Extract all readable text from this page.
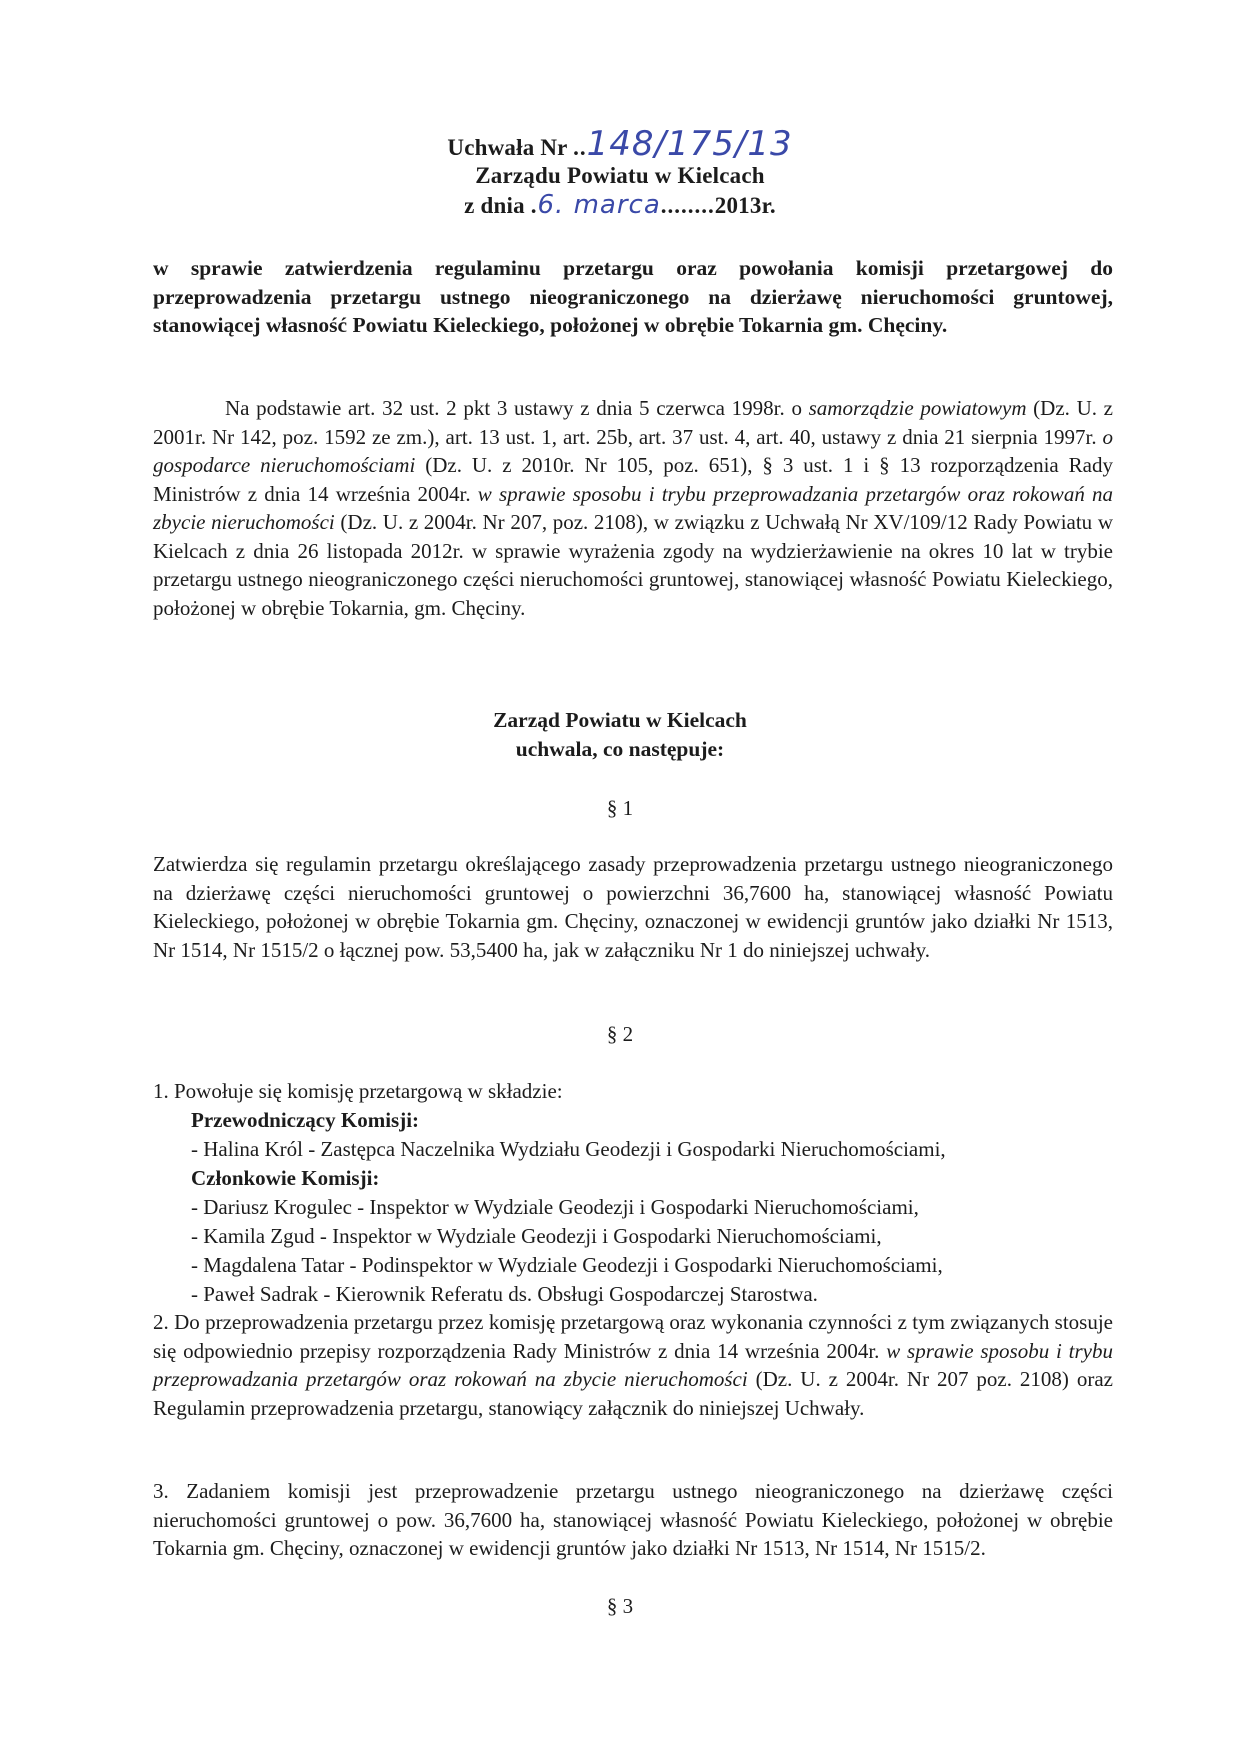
Uchwała Nr ..148/175/13
Zarządu Powiatu w Kielcach
z dnia .6. marca........2013r.
w sprawie zatwierdzenia regulaminu przetargu oraz powołania komisji przetargowej do przeprowadzenia przetargu ustnego nieograniczonego na dzierżawę nieruchomości gruntowej, stanowiącej własność Powiatu Kieleckiego, położonej w obrębie Tokarnia gm. Chęciny.
Na podstawie art. 32 ust. 2 pkt 3 ustawy z dnia 5 czerwca 1998r. o samorządzie powiatowym (Dz. U. z 2001r. Nr 142, poz. 1592 ze zm.), art. 13 ust. 1, art. 25b, art. 37 ust. 4, art. 40, ustawy z dnia 21 sierpnia 1997r. o gospodarce nieruchomościami (Dz. U. z 2010r. Nr 105, poz. 651), § 3 ust. 1 i § 13 rozporządzenia Rady Ministrów z dnia 14 września 2004r. w sprawie sposobu i trybu przeprowadzania przetargów oraz rokowań na zbycie nieruchomości (Dz. U. z 2004r. Nr 207, poz. 2108), w związku z Uchwałą Nr XV/109/12 Rady Powiatu w Kielcach z dnia 26 listopada 2012r. w sprawie wyrażenia zgody na wydzierżawienie na okres 10 lat w trybie przetargu ustnego nieograniczonego części nieruchomości gruntowej, stanowiącej własność Powiatu Kieleckiego, położonej w obrębie Tokarnia, gm. Chęciny.
Zarząd Powiatu w Kielcach
uchwala, co następuje:
§ 1
Zatwierdza się regulamin przetargu określającego zasady przeprowadzenia przetargu ustnego nieograniczonego na dzierżawę części nieruchomości gruntowej o powierzchni 36,7600 ha, stanowiącej własność Powiatu Kieleckiego, położonej w obrębie Tokarnia gm. Chęciny, oznaczonej w ewidencji gruntów jako działki Nr 1513, Nr 1514, Nr 1515/2 o łącznej pow. 53,5400 ha, jak w załączniku Nr 1 do niniejszej uchwały.
§ 2
1. Powołuje się komisję przetargową w składzie:
Przewodniczący Komisji:
- Halina Król - Zastępca Naczelnika Wydziału Geodezji i Gospodarki Nieruchomościami,
Członkowie Komisji:
- Dariusz Krogulec - Inspektor w Wydziale Geodezji i Gospodarki Nieruchomościami,
- Kamila Zgud - Inspektor w Wydziale Geodezji i Gospodarki Nieruchomościami,
- Magdalena Tatar - Podinspektor w Wydziale Geodezji i Gospodarki Nieruchomościami,
- Paweł Sadrak - Kierownik Referatu ds. Obsługi Gospodarczej Starostwa.
2. Do przeprowadzenia przetargu przez komisję przetargową oraz wykonania czynności z tym związanych stosuje się odpowiednio przepisy rozporządzenia Rady Ministrów z dnia 14 września 2004r. w sprawie sposobu i trybu przeprowadzania przetargów oraz rokowań na zbycie nieruchomości (Dz. U. z 2004r. Nr 207 poz. 2108) oraz Regulamin przeprowadzenia przetargu, stanowiący załącznik do niniejszej Uchwały.
3. Zadaniem komisji jest przeprowadzenie przetargu ustnego nieograniczonego na dzierżawę części nieruchomości gruntowej o pow. 36,7600 ha, stanowiącej własność Powiatu Kieleckiego, położonej w obrębie Tokarnia gm. Chęciny, oznaczonej w ewidencji gruntów jako działki Nr 1513, Nr 1514, Nr 1515/2.
§ 3
